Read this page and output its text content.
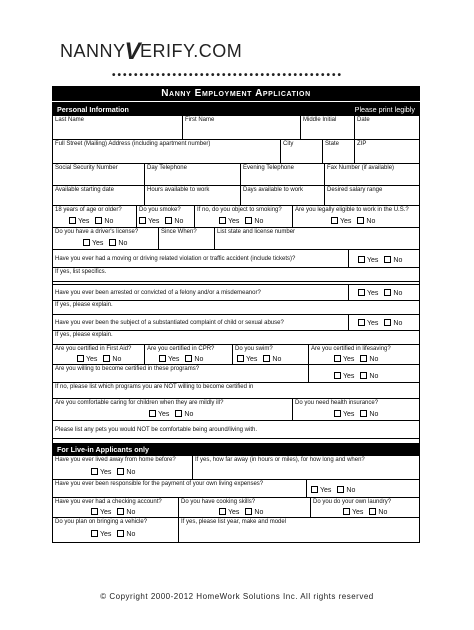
NANNYVERIFY.COM
••••••••••••••••••••••••••••••••••••••••••
Nanny Employment Application
Personal Information	Please print legibly
Last Name	First Name	Middle Initial	Date
Full Street (Mailing) Address (including apartment number)	City	State	ZIP
Social Security Number	Day Telephone	Evening Telephone	Fax Number (if available)
Available starting date	Hours available to work	Days available to work	Desired salary range
18 years of age or older?	Do you smoke?	If no, do you object to smoking?	Are you legally eligible to work in the U.S.?
Yes No	Yes No	Yes No	Yes No
Do you have a driver's license?	Since When?	List state and license number
Yes No
Have you ever had a moving or driving related violation or traffic accident (include tickets)?	Yes No
If yes, list specifics.
Have you ever been arrested or convicted of a felony and/or a misdemeanor?	Yes No
If yes, please explain.
Have you ever been the subject of a substantiated complaint of child or sexual abuse?	Yes No
If yes, please explain.
Are you certified in First Aid?	Are you certified in CPR?	Do you swim?	Are you certified in lifesaving?
Yes No	Yes No	Yes No	Yes No
Are you willing to become certified in these programs?
Yes No
If no, please list which programs you are NOT willing to become certified in
Are you comfortable caring for children when they are mildly ill?	Do you need health insurance?
Yes No	Yes No
Please list any pets you would NOT be comfortable being around/living with.
For Live-in Applicants only
Have you ever lived away from home before?	If yes, how far away (in hours or miles), for how long and when?
Yes No
Have you ever been responsible for the payment of your own living expenses?
Yes No
Have you ever had a checking account?	Do you have cooking skills?	Do you do your own laundry?
Yes No	Yes No	Yes No
Do you plan on bringing a vehicle?	If yes, please list year, make and model
Yes No
© Copyright 2000-2012 HomeWork Solutions Inc. All rights reserved
